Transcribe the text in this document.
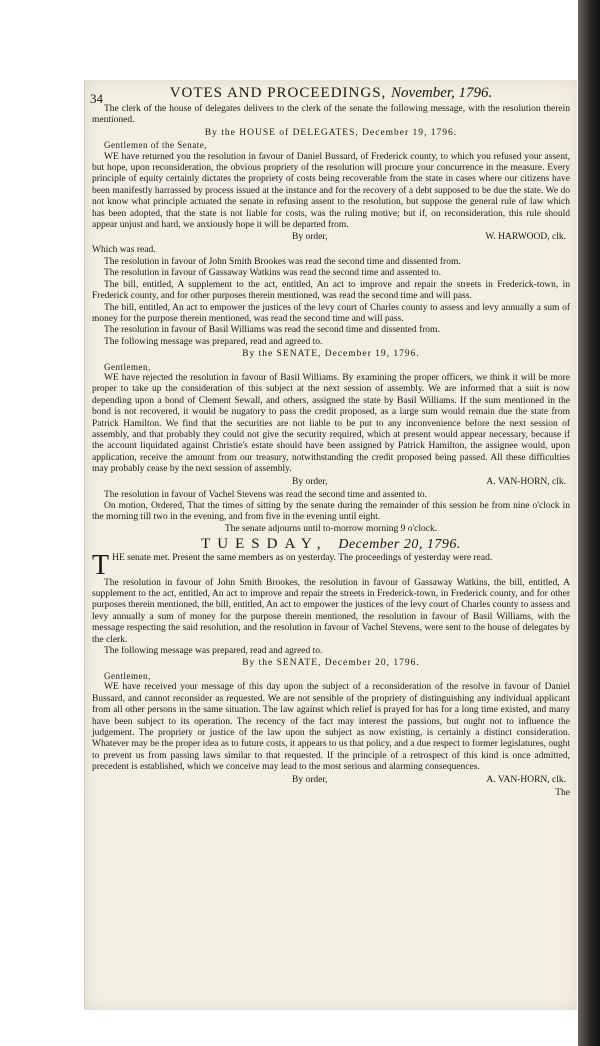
34	VOTES AND PROCEEDINGS, November, 1796.

The clerk of the house of delegates delivers to the clerk of the senate the following message, with the resolution therein mentioned.

By the HOUSE of DELEGATES, December 19, 1796.

Gentlemen of the Senate,

WE have returned you the resolution in favour of Daniel Bussard, of Frederick county, to which you refused your assent, but hope, upon reconsideration, the obvious propriety of the resolution will procure your concurrence in the measure. Every principle of equity certainly dictates the propriety of costs being recoverable from the state in cases where our citizens have been manifestly harrassed by process issued at the instance and for the recovery of a debt supposed to be due the state. We do not know what principle actuated the senate in refusing assent to the resolution, but suppose the general rule of law which has been adopted, that the state is not liable for costs, was the ruling motive; but if, on reconsideration, this rule should appear unjust and hard, we anxiously hope it will be departed from.

By order,	W. HARWOOD, clk.

Which was read.

The resolution in favour of John Smith Brookes was read the second time and dissented from.

The resolution in favour of Gassaway Watkins was read the second time and assented to.

The bill, entitled, A supplement to the act, entitled, An act to improve and repair the streets in Frederick-town, in Frederick county, and for other purposes therein mentioned, was read the second time and will pass.

The bill, entitled, An act to empower the justices of the levy court of Charles county to assess and levy annually a sum of money for the purpose therein mentioned, was read the second time and will pass.

The resolution in favour of Basil Williams was read the second time and dissented from.

The following message was prepared, read and agreed to.

By the SENATE, December 19, 1796.

Gentlemen,

WE have rejected the resolution in favour of Basil Williams. By examining the proper officers, we think it will be more proper to take up the consideration of this subject at the next session of assembly. We are informed that a suit is now depending upon a bond of Clement Sewall, and others, assigned the state by Basil Williams. If the sum mentioned in the bond is not recovered, it would be nugatory to pass the credit proposed, as a large sum would remain due the state from Patrick Hamilton. We find that the securities are not liable to be put to any inconvenience before the next session of assembly, and that probably they could not give the security required, which at present would appear necessary, because if the account liquidated against Christie's estate should have been assigned by Patrick Hamilton, the assignee would, upon application, receive the amount from our treasury, notwithstanding the credit proposed being passed. All these difficulties may probably cease by the next session of assembly.

By order,	A. VAN-HORN, clk.

The resolution in favour of Vachel Stevens was read the second time and assented to.

On motion, Ordered, That the times of sitting by the senate during the remainder of this session be from nine o'clock in the morning till two in the evening, and from five in the evening until eight.

The senate adjourns until to-morrow morning 9 o'clock.

TUESDAY, December 20, 1796.

T HE senate met. Present the same members as on yesterday. The proceedings of yesterday were read.

The resolution in favour of John Smith Brookes, the resolution in favour of Gassaway Watkins, the bill, entitled, A supplement to the act, entitled, An act to improve and repair the streets in Frederick-town, in Frederick county, and for other purposes therein mentioned, the bill, entitled, An act to empower the justices of the levy court of Charles county to assess and levy annually a sum of money for the purpose therein mentioned, the resolution in favour of Basil Williams, with the message respecting the said resolution, and the resolution in favour of Vachel Stevens, were sent to the house of delegates by the clerk.

The following message was prepared, read and agreed to.

By the SENATE, December 20, 1796.

Gentlemen,

WE have received your message of this day upon the subject of a reconsideration of the resolve in favour of Daniel Bussard, and cannot reconsider as requested. We are not sensible of the propriety of distinguishing any individual applicant from all other persons in the same situation. The law against which relief is prayed for has for a long time existed, and many have been subject to its operation. The recency of the fact may interest the passions, but ought not to influence the judgement. The propriety or justice of the law upon the subject as now existing, is certainly a distinct consideration. Whatever may be the proper idea as to future costs, it appears to us that policy, and a due respect to former legislatures, ought to prevent us from passing laws similar to that requested. If the principle of a retrospect of this kind is once admitted, precedent is established, which we conceive may lead to the most serious and alarming consequences.

By order,	A. VAN-HORN, clk.

The
